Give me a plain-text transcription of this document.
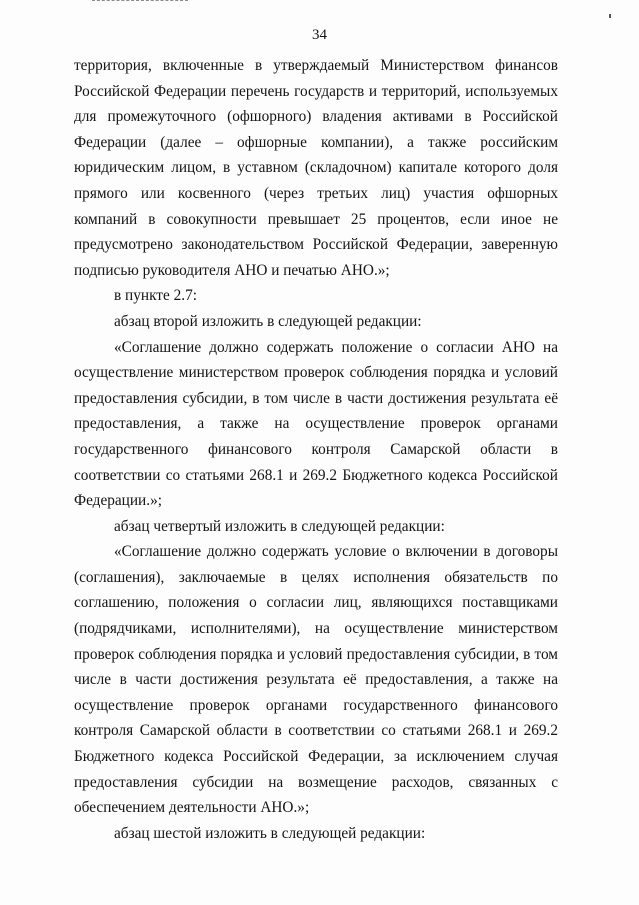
34

территория, включенные в утверждаемый Министерством финансов Российской Федерации перечень государств и территорий, используемых для промежуточного (офшорного) владения активами в Российской Федерации (далее – офшорные компании), а также российским юридическим лицом, в уставном (складочном) капитале которого доля прямого или косвенного (через третьих лиц) участия офшорных компаний в совокупности превышает 25 процентов, если иное не предусмотрено законодательством Российской Федерации, заверенную подписью руководителя АНО и печатью АНО.»;

в пункте 2.7:

абзац второй изложить в следующей редакции:

«Соглашение должно содержать положение о согласии АНО на осуществление министерством проверок соблюдения порядка и условий предоставления субсидии, в том числе в части достижения результата её предоставления, а также на осуществление проверок органами государственного финансового контроля Самарской области в соответствии со статьями 268.1 и 269.2 Бюджетного кодекса Российской Федерации.»;

абзац четвертый изложить в следующей редакции:

«Соглашение должно содержать условие о включении в договоры (соглашения), заключаемые в целях исполнения обязательств по соглашению, положения о согласии лиц, являющихся поставщиками (подрядчиками, исполнителями), на осуществление министерством проверок соблюдения порядка и условий предоставления субсидии, в том числе в части достижения результата её предоставления, а также на осуществление проверок органами государственного финансового контроля Самарской области в соответствии со статьями 268.1 и 269.2 Бюджетного кодекса Российской Федерации, за исключением случая предоставления субсидии на возмещение расходов, связанных с обеспечением деятельности АНО.»;

абзац шестой изложить в следующей редакции:
